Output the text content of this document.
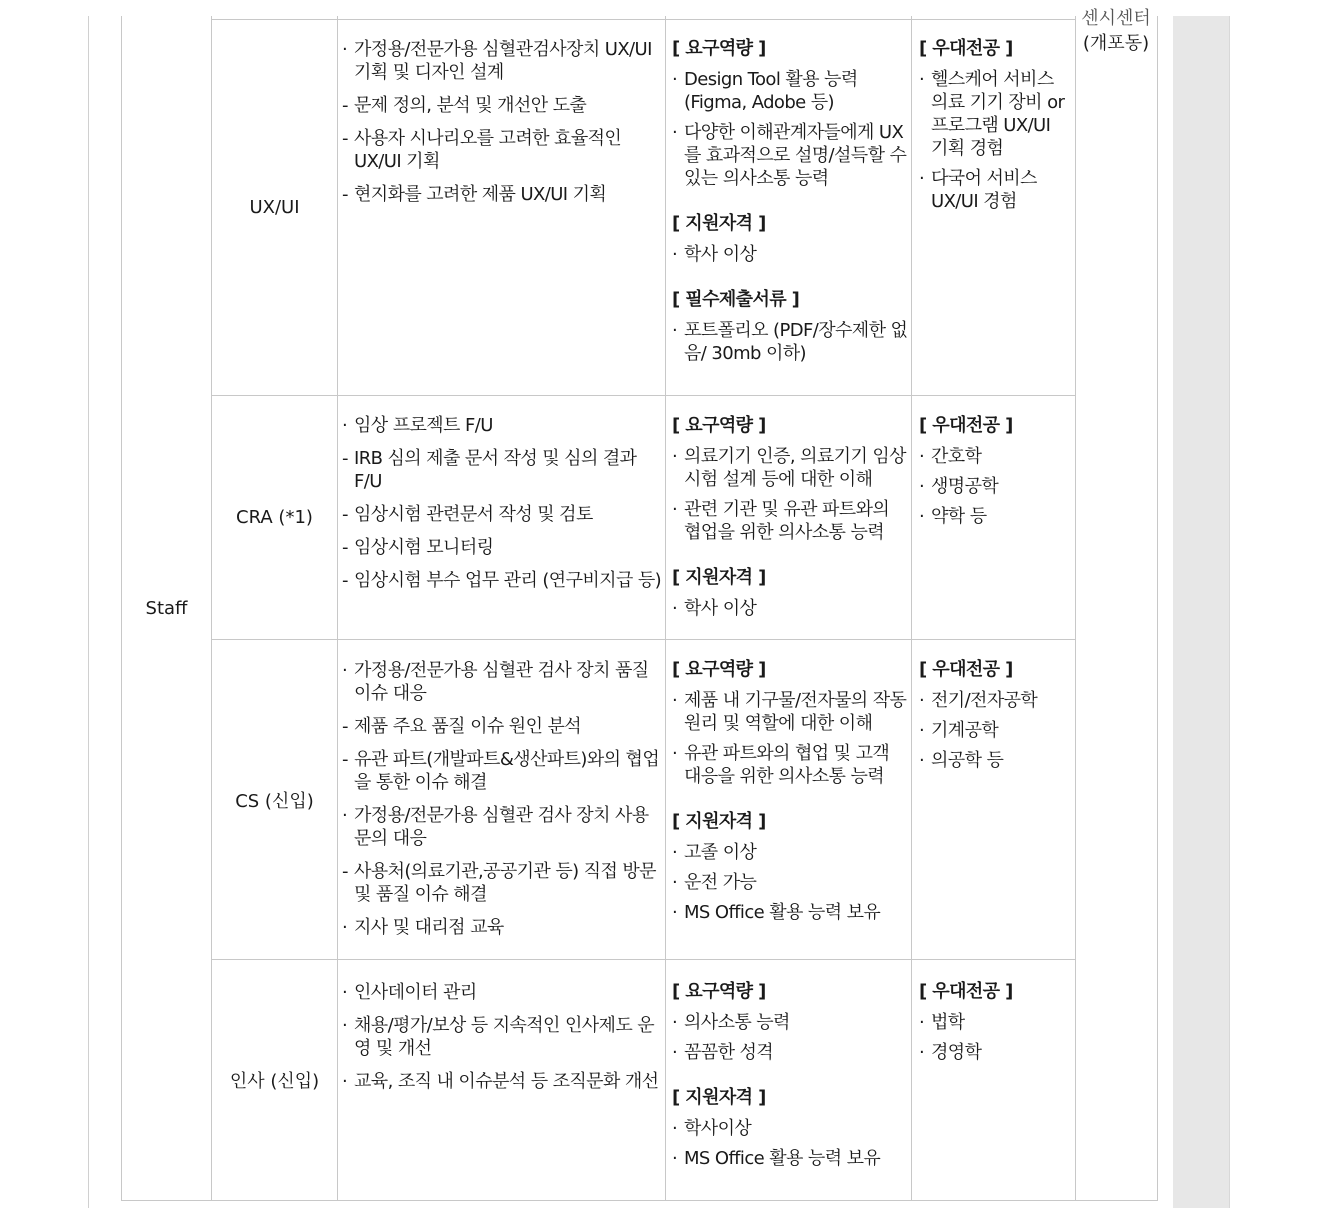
센시센터
(개포동)
Staff
UX/UI
CRA (*1)
CS (신입)
인사 (신입)
· 가정용/전문가용 심혈관검사장치 UX/UI 기획 및 디자인 설계
- 문제 정의, 분석 및 개선안 도출
- 사용자 시나리오를 고려한 효율적인 UX/UI 기획
- 현지화를 고려한 제품 UX/UI 기획
[ 요구역량 ]
· Design Tool 활용 능력 (Figma, Adobe 등)
· 다양한 이해관계자들에게 UX를 효과적으로 설명/설득할 수 있는 의사소통 능력
[ 지원자격 ]
· 학사 이상
[ 필수제출서류 ]
· 포트폴리오 (PDF/장수제한 없음/ 30mb 이하)
[ 우대전공 ]
· 헬스케어 서비스 의료 기기 장비 or 프로그램 UX/UI 기획 경험
· 다국어 서비스 UX/UI 경험
· 임상 프로젝트 F/U
- IRB 심의 제출 문서 작성 및 심의 결과 F/U
- 임상시험 관련문서 작성 및 검토
- 임상시험 모니터링
- 임상시험 부수 업무 관리 (연구비지급 등)
[ 요구역량 ]
· 의료기기 인증, 의료기기 임상시험 설계 등에 대한 이해
· 관련 기관 및 유관 파트와의 협업을 위한 의사소통 능력
[ 지원자격 ]
· 학사 이상
[ 우대전공 ]
· 간호학
· 생명공학
· 약학 등
· 가정용/전문가용 심혈관 검사 장치 품질 이슈 대응
- 제품 주요 품질 이슈 원인 분석
- 유관 파트(개발파트&생산파트)와의 협업을 통한 이슈 해결
· 가정용/전문가용 심혈관 검사 장치 사용 문의 대응
- 사용처(의료기관,공공기관 등) 직접 방문 및 품질 이슈 해결
· 지사 및 대리점 교육
[ 요구역량 ]
· 제품 내 기구물/전자물의 작동원리 및 역할에 대한 이해
· 유관 파트와의 협업 및 고객 대응을 위한 의사소통 능력
[ 지원자격 ]
· 고졸 이상
· 운전 가능
· MS Office 활용 능력 보유
[ 우대전공 ]
· 전기/전자공학
· 기계공학
· 의공학 등
· 인사데이터 관리
· 채용/평가/보상 등 지속적인 인사제도 운영 및 개선
· 교육, 조직 내 이슈분석 등 조직문화 개선
[ 요구역량 ]
· 의사소통 능력
· 꼼꼼한 성격
[ 지원자격 ]
· 학사이상
· MS Office 활용 능력 보유
[ 우대전공 ]
· 법학
· 경영학
